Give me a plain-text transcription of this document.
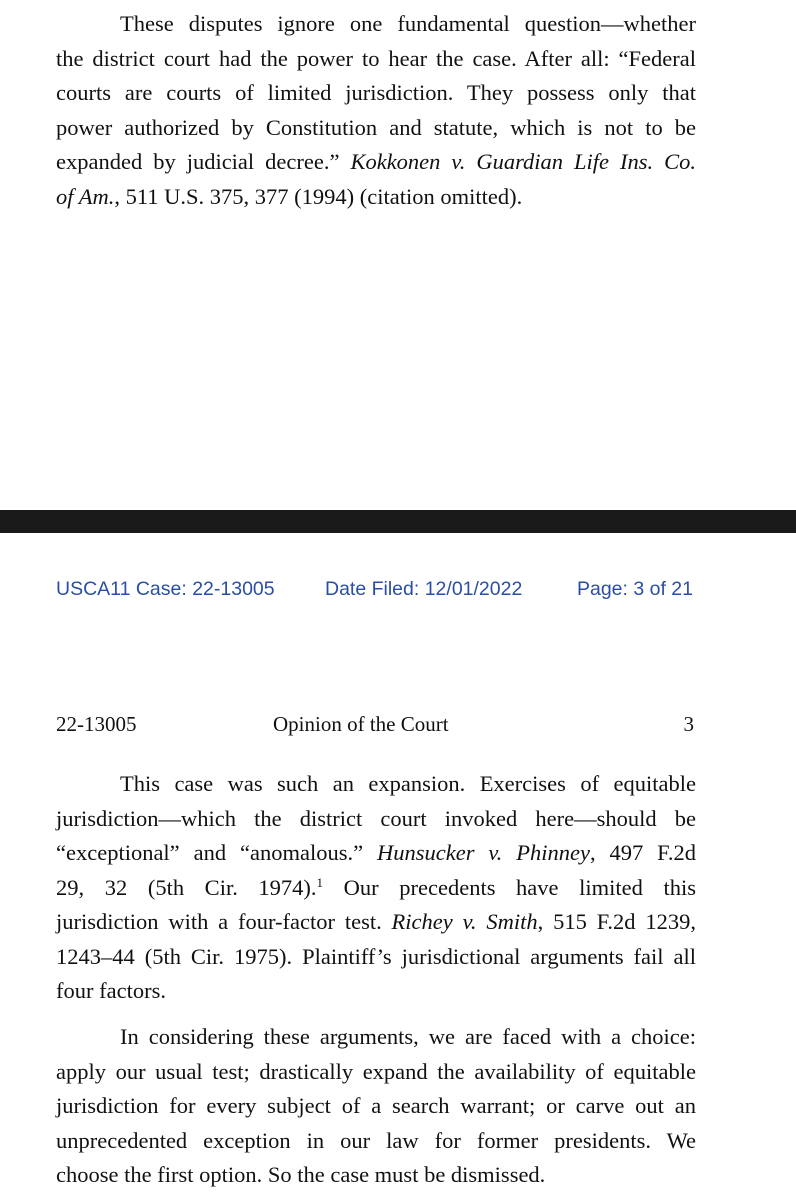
These disputes ignore one fundamental question—whether
the district court had the power to hear the case. After all: “Federal
courts are courts of limited jurisdiction. They possess only that
power authorized by Constitution and statute, which is not to be
expanded by judicial decree.” Kokkonen v. Guardian Life Ins. Co.
of Am., 511 U.S. 375, 377 (1994) (citation omitted).
USCA11 Case: 22-13005	Date Filed: 12/01/2022	Page: 3 of 21
22-13005	Opinion of the Court	3
This case was such an expansion. Exercises of equitable
jurisdiction—which the district court invoked here—should be
“exceptional” and “anomalous.” Hunsucker v. Phinney, 497 F.2d
29, 32 (5th Cir. 1974).$^1$ Our precedents have limited this
jurisdiction with a four-factor test. Richey v. Smith, 515 F.2d 1239,
1243–44 (5th Cir. 1975). Plaintiff’s jurisdictional arguments fail all
four factors.
In considering these arguments, we are faced with a choice:
apply our usual test; drastically expand the availability of equitable
jurisdiction for every subject of a search warrant; or carve out an
unprecedented exception in our law for former presidents. We
choose the first option. So the case must be dismissed.
